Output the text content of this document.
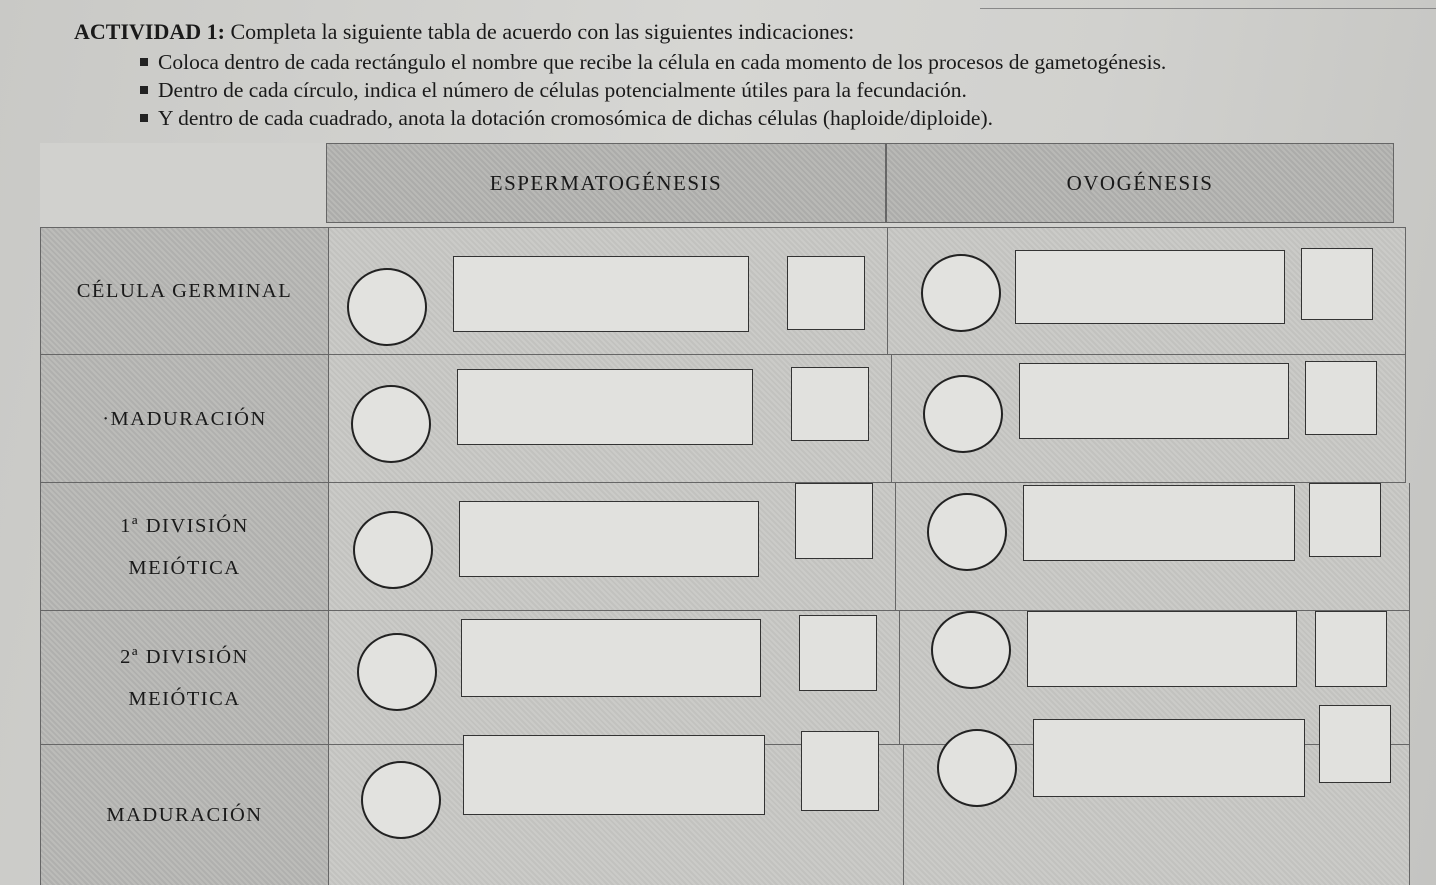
ACTIVIDAD 1: Completa la siguiente tabla de acuerdo con las siguientes indicaciones:
Coloca dentro de cada rectángulo el nombre que recibe la célula en cada momento de los procesos de gametogénesis.
Dentro de cada círculo, indica el número de células potencialmente útiles para la fecundación.
Y dentro de cada cuadrado, anota la dotación cromosómica de dichas células (haploide/diploide).
ESPERMATOGÉNESIS	OVOGÉNESIS
CÉLULA GERMINAL
·MADURACIÓN
1ª DIVISIÓN
MEIÓTICA
2ª DIVISIÓN
MEIÓTICA
MADURACIÓN
